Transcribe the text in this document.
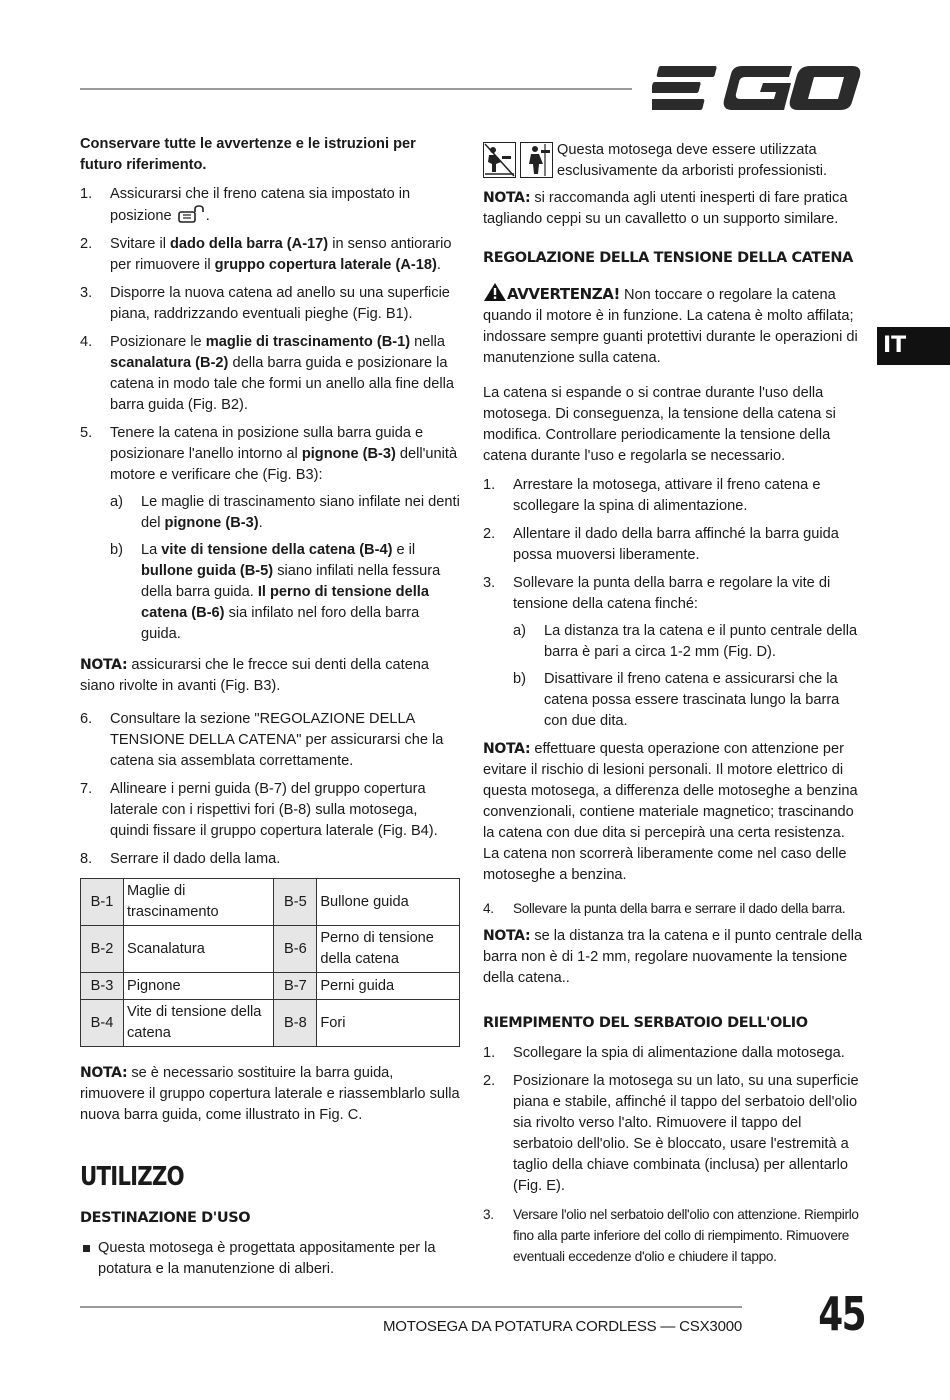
IT

Conservare tutte le avvertenze e le istruzioni per futuro riferimento.

1. Assicurarsi che il freno catena sia impostato in posizione .
2. Svitare il dado della barra (A-17) in senso antiorario per rimuovere il gruppo copertura laterale (A-18).
3. Disporre la nuova catena ad anello su una superficie piana, raddrizzando eventuali pieghe (Fig. B1).
4. Posizionare le maglie di trascinamento (B-1) nella scanalatura (B-2) della barra guida e posizionare la catena in modo tale che formi un anello alla fine della barra guida (Fig. B2).
5. Tenere la catena in posizione sulla barra guida e posizionare l'anello intorno al pignone (B-3) dell'unità motore e verificare che (Fig. B3):
a) Le maglie di trascinamento siano infilate nei denti del pignone (B-3).
b) La vite di tensione della catena (B-4) e il bullone guida (B-5) siano infilati nella fessura della barra guida. Il perno di tensione della catena (B-6) sia infilato nel foro della barra guida.

NOTA: assicurarsi che le frecce sui denti della catena siano rivolte in avanti (Fig. B3).

6. Consultare la sezione "REGOLAZIONE DELLA TENSIONE DELLA CATENA" per assicurarsi che la catena sia assemblata correttamente.
7. Allineare i perni guida (B-7) del gruppo copertura laterale con i rispettivi fori (B-8) sulla motosega, quindi fissare il gruppo copertura laterale (Fig. B4).
8. Serrare il dado della lama.
B-1	Maglie di trascinamento	B-5	Bullone guida
B-2	Scanalatura	B-6	Perno di tensione della catena
B-3	Pignone	B-7	Perni guida
B-4	Vite di tensione della catena	B-8	Fori

NOTA: se è necessario sostituire la barra guida, rimuovere il gruppo copertura laterale e riassemblarlo sulla nuova barra guida, come illustrato in Fig. C.

UTILIZZO
DESTINAZIONE D'USO
Questa motosega è progettata appositamente per la potatura e la manutenzione di alberi.
Questa motosega deve essere utilizzata esclusivamente da arboristi professionisti.

NOTA: si raccomanda agli utenti inesperti di fare pratica tagliando ceppi su un cavalletto o un supporto similare.

REGOLAZIONE DELLA TENSIONE DELLA CATENA

AVVERTENZA! Non toccare o regolare la catena quando il motore è in funzione. La catena è molto affilata; indossare sempre guanti protettivi durante le operazioni di manutenzione sulla catena.

La catena si espande o si contrae durante l'uso della motosega. Di conseguenza, la tensione della catena si modifica. Controllare periodicamente la tensione della catena durante l'uso e regolarla se necessario.

1. Arrestare la motosega, attivare il freno catena e scollegare la spina di alimentazione.
2. Allentare il dado della barra affinché la barra guida possa muoversi liberamente.
3. Sollevare la punta della barra e regolare la vite di tensione della catena finché:
a) La distanza tra la catena e il punto centrale della barra è pari a circa 1-2 mm (Fig. D).
b) Disattivare il freno catena e assicurarsi che la catena possa essere trascinata lungo la barra con due dita.

NOTA: effettuare questa operazione con attenzione per evitare il rischio di lesioni personali. Il motore elettrico di questa motosega, a differenza delle motoseghe a benzina convenzionali, contiene materiale magnetico; trascinando la catena con due dita si percepirà una certa resistenza. La catena non scorrerà liberamente come nel caso delle motoseghe a benzina.

4. Sollevare la punta della barra e serrare il dado della barra.

NOTA: se la distanza tra la catena e il punto centrale della barra non è di 1-2 mm, regolare nuovamente la tensione della catena..

RIEMPIMENTO DEL SERBATOIO DELL'OLIO
1. Scollegare la spia di alimentazione dalla motosega.
2. Posizionare la motosega su un lato, su una superficie piana e stabile, affinché il tappo del serbatoio dell'olio sia rivolto verso l'alto. Rimuovere il tappo del serbatoio dell'olio. Se è bloccato, usare l'estremità a taglio della chiave combinata (inclusa) per allentarlo (Fig. E).
3. Versare l'olio nel serbatoio dell'olio con attenzione. Riempirlo fino alla parte inferiore del collo di riempimento. Rimuovere eventuali eccedenze d'olio e chiudere il tappo.
MOTOSEGA DA POTATURA CORDLESS — CSX3000 45
